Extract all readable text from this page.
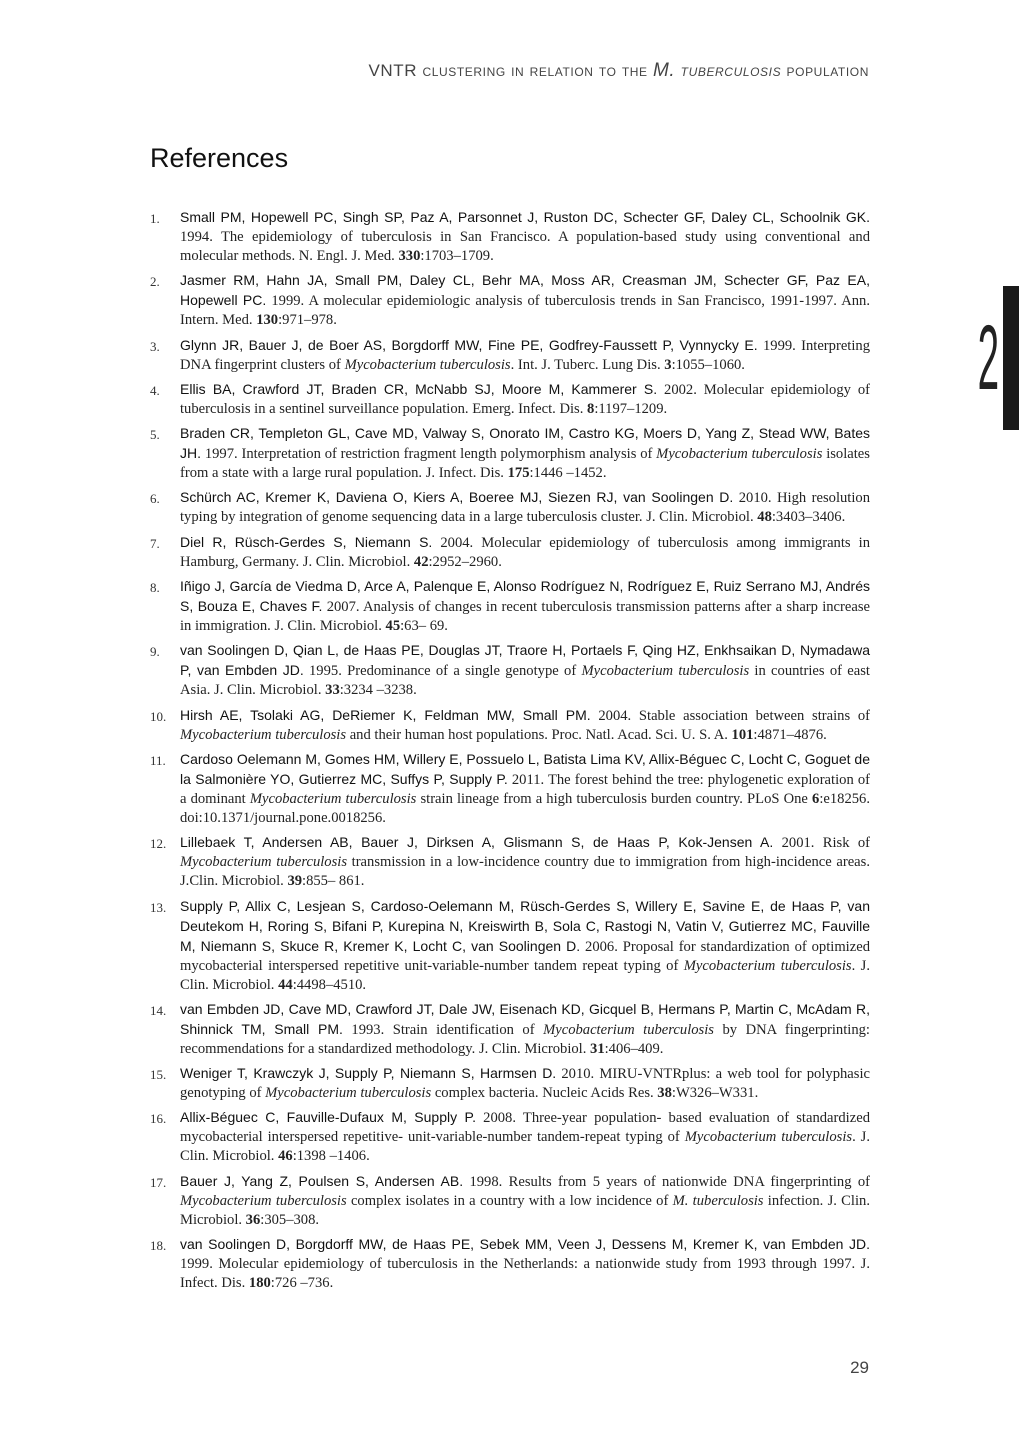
VNTR clustering in relation to the M. tuberculosis population
References
1. Small PM, Hopewell PC, Singh SP, Paz A, Parsonnet J, Ruston DC, Schecter GF, Daley CL, Schoolnik GK. 1994. The epidemiology of tuberculosis in San Francisco. A population-based study using conventional and molecular methods. N. Engl. J. Med. 330:1703–1709.
2. Jasmer RM, Hahn JA, Small PM, Daley CL, Behr MA, Moss AR, Creasman JM, Schecter GF, Paz EA, Hopewell PC. 1999. A molecular epidemiologic analysis of tuberculosis trends in San Francisco, 1991-1997. Ann. Intern. Med. 130:971–978.
3. Glynn JR, Bauer J, de Boer AS, Borgdorff MW, Fine PE, Godfrey-Faussett P, Vynnycky E. 1999. Interpreting DNA fingerprint clusters of Mycobacterium tuberculosis. Int. J. Tuberc. Lung Dis. 3:1055–1060.
4. Ellis BA, Crawford JT, Braden CR, McNabb SJ, Moore M, Kammerer S. 2002. Molecular epidemiology of tuberculosis in a sentinel surveillance population. Emerg. Infect. Dis. 8:1197–1209.
5. Braden CR, Templeton GL, Cave MD, Valway S, Onorato IM, Castro KG, Moers D, Yang Z, Stead WW, Bates JH. 1997. Interpretation of restriction fragment length polymorphism analysis of Mycobacterium tuberculosis isolates from a state with a large rural population. J. Infect. Dis. 175:1446 –1452.
6. Schürch AC, Kremer K, Daviena O, Kiers A, Boeree MJ, Siezen RJ, van Soolingen D. 2010. High resolution typing by integration of genome sequencing data in a large tuberculosis cluster. J. Clin. Microbiol. 48:3403–3406.
7. Diel R, Rüsch-Gerdes S, Niemann S. 2004. Molecular epidemiology of tuberculosis among immigrants in Hamburg, Germany. J. Clin. Microbiol. 42:2952–2960.
8. Iñigo J, García de Viedma D, Arce A, Palenque E, Alonso Rodríguez N, Rodríguez E, Ruiz Serrano MJ, Andrés S, Bouza E, Chaves F. 2007. Analysis of changes in recent tuberculosis transmission patterns after a sharp increase in immigration. J. Clin. Microbiol. 45:63– 69.
9. van Soolingen D, Qian L, de Haas PE, Douglas JT, Traore H, Portaels F, Qing HZ, Enkhsaikan D, Nymadawa P, van Embden JD. 1995. Predominance of a single genotype of Mycobacterium tuberculosis in countries of east Asia. J. Clin. Microbiol. 33:3234 –3238.
10. Hirsh AE, Tsolaki AG, DeRiemer K, Feldman MW, Small PM. 2004. Stable association between strains of Mycobacterium tuberculosis and their human host populations. Proc. Natl. Acad. Sci. U. S. A. 101:4871–4876.
11. Cardoso Oelemann M, Gomes HM, Willery E, Possuelo L, Batista Lima KV, Allix-Béguec C, Locht C, Goguet de la Salmonière YO, Gutierrez MC, Suffys P, Supply P. 2011. The forest behind the tree: phylogenetic exploration of a dominant Mycobacterium tuberculosis strain lineage from a high tuberculosis burden country. PLoS One 6:e18256. doi:10.1371/journal.pone.0018256.
12. Lillebaek T, Andersen AB, Bauer J, Dirksen A, Glismann S, de Haas P, Kok-Jensen A. 2001. Risk of Mycobacterium tuberculosis transmission in a low-incidence country due to immigration from high-incidence areas. J.Clin. Microbiol. 39:855– 861.
13. Supply P, Allix C, Lesjean S, Cardoso-Oelemann M, Rüsch-Gerdes S, Willery E, Savine E, de Haas P, van Deutekom H, Roring S, Bifani P, Kurepina N, Kreiswirth B, Sola C, Rastogi N, Vatin V, Gutierrez MC, Fauville M, Niemann S, Skuce R, Kremer K, Locht C, van Soolingen D. 2006. Proposal for standardization of optimized mycobacterial interspersed repetitive unit-variable-number tandem repeat typing of Mycobacterium tuberculosis. J. Clin. Microbiol. 44:4498–4510.
14. van Embden JD, Cave MD, Crawford JT, Dale JW, Eisenach KD, Gicquel B, Hermans P, Martin C, McAdam R, Shinnick TM, Small PM. 1993. Strain identification of Mycobacterium tuberculosis by DNA fingerprinting: recommendations for a standardized methodology. J. Clin. Microbiol. 31:406–409.
15. Weniger T, Krawczyk J, Supply P, Niemann S, Harmsen D. 2010. MIRU-VNTRplus: a web tool for polyphasic genotyping of Mycobacterium tuberculosis complex bacteria. Nucleic Acids Res. 38:W326–W331.
16. Allix-Béguec C, Fauville-Dufaux M, Supply P. 2008. Three-year population- based evaluation of standardized mycobacterial interspersed repetitive- unit-variable-number tandem-repeat typing of Mycobacterium tuberculosis. J. Clin. Microbiol. 46:1398 –1406.
17. Bauer J, Yang Z, Poulsen S, Andersen AB. 1998. Results from 5 years of nationwide DNA fingerprinting of Mycobacterium tuberculosis complex isolates in a country with a low incidence of M. tuberculosis infection. J. Clin. Microbiol. 36:305–308.
18. van Soolingen D, Borgdorff MW, de Haas PE, Sebek MM, Veen J, Dessens M, Kremer K, van Embden JD. 1999. Molecular epidemiology of tuberculosis in the Netherlands: a nationwide study from 1993 through 1997. J. Infect. Dis. 180:726 –736.
2
29
